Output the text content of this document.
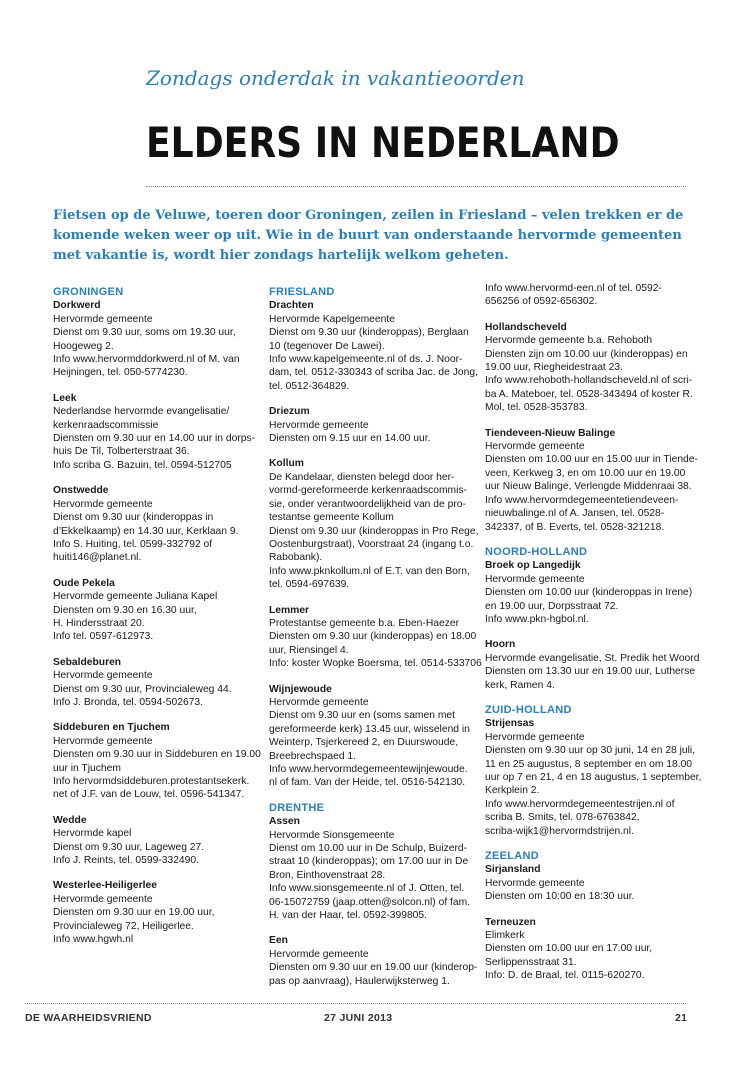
Zondags onderdak in vakantieoorden
ELDERS IN NEDERLAND
Fietsen op de Veluwe, toeren door Groningen, zeilen in Friesland – velen trekken er de komende weken weer op uit. Wie in de buurt van onderstaande hervormde gemeenten met vakantie is, wordt hier zondags hartelijk welkom geheten.
GRONINGEN
Dorkwerd
Hervormde gemeente
Dienst om 9.30 uur, soms om 19.30 uur,
Hoogeweg 2.
Info www.hervormddorkwerd.nl of M. van
Heijningen, tel. 050-5774230.
Leek
Nederlandse hervormde evangelisatie/
kerkenraadscommissie
Diensten om 9.30 uur en 14.00 uur in dorps-
huis De Til, Tolberterstraat 36.
Info scriba G. Bazuin, tel. 0594-512705
Onstwedde
Hervormde gemeente
Dienst om 9.30 uur (kinderoppas in
d’Ekkelkaamp) en 14.30 uur, Kerklaan 9.
Info S. Huiting, tel. 0599-332792 of
huiti146@planet.nl.
Oude Pekela
Hervormde gemeente Juliana Kapel
Diensten om 9.30 en 16.30 uur,
H. Hindersstraat 20.
Info tel. 0597-612973.
Sebaldeburen
Hervormde gemeente
Dienst om 9.30 uur, Provincialeweg 44.
Info J. Bronda, tel. 0594-502673.
Siddeburen en Tjuchem
Hervormde gemeente
Diensten om 9.30 uur in Siddeburen en 19.00
uur in Tjuchem
Info hervormdsiddeburen.protestantsekerk.
net of J.F. van de Louw, tel. 0596-541347.
Wedde
Hervormde kapel
Dienst om 9.30 uur, Lageweg 27.
Info J. Reints, tel. 0599-332490.
Westerlee-Heiligerlee
Hervormde gemeente
Diensten om 9.30 uur en 19.00 uur,
Provincialeweg 72, Heiligerlee.
Info www.hgwh.nl
FRIESLAND
Drachten
Hervormde Kapelgemeente
Dienst om 9.30 uur (kinderoppas), Berglaan
10 (tegenover De Lawei).
Info www.kapelgemeente.nl of ds. J. Noor-
dam, tel. 0512-330343 of scriba Jac. de Jong,
tel. 0512-364829.
Driezum
Hervormde gemeente
Diensten om 9.15 uur en 14.00 uur.
Kollum
De Kandelaar, diensten belegd door her-
vormd-gereformeerde kerkenraadscommis-
sie, onder verantwoordelijkheid van de pro-
testantse gemeente Kollum
Dienst om 9.30 uur (kinderoppas in Pro Rege,
Oostenburgstraat), Voorstraat 24 (ingang t.o.
Rabobank).
Info www.pknkollum.nl of E.T. van den Born,
tel. 0594-697639.
Lemmer
Protestantse gemeente b.a. Eben-Haezer
Diensten om 9.30 uur (kinderoppas) en 18.00
uur, Riensingel 4.
Info: koster Wopke Boersma, tel. 0514-533706
Wijnjewoude
Hervormde gemeente
Dienst om 9.30 uur en (soms samen met
gereformeerde kerk) 13.45 uur, wisselend in
Weinterp, Tsjerkereed 2, en Duurswoude,
Breebrechspaed 1.
Info www.hervormdegemeentewijnjewoude.
nl of fam. Van der Heide, tel. 0516-542130.
DRENTHE
Assen
Hervormde Sionsgemeente
Dienst om 10.00 uur in De Schulp, Buizerd-
straat 10 (kinderoppas); om 17.00 uur in De
Bron, Einthovenstraat 28.
Info www.sionsgemeente.nl of J. Otten, tel.
06-15072759 (jaap.otten@solcon.nl) of fam.
H. van der Haar, tel. 0592-399805.
Een
Hervormde gemeente
Diensten om 9.30 uur en 19.00 uur (kinderop-
pas op aanvraag), Haulerwijksterweg 1.
Info www.hervormd-een.nl of tel. 0592-
656256 of 0592-656302.
Hollandscheveld
Hervormde gemeente b.a. Rehoboth
Diensten zijn om 10.00 uur (kinderoppas) en
19.00 uur, Riegheidestraat 23.
Info www.rehoboth-hollandscheveld.nl of scri-
ba A. Mateboer, tel. 0528-343494 of koster R.
Mol, tel. 0528-353783.
Tiendeveen-Nieuw Balinge
Hervormde gemeente
Diensten om 10.00 uur en 15.00 uur in Tiende-
veen, Kerkweg 3, en om 10.00 uur en 19.00
uur Nieuw Balinge, Verlengde Middenraai 38.
Info www.hervormdegemeentetiendeveen-
nieuwbalinge.nl of A. Jansen, tel. 0528-
342337, of B. Everts, tel. 0528-321218.
NOORD-HOLLAND
Broek op Langedijk
Hervormde gemeente
Diensten om 10.00 uur (kinderoppas in Irene)
en 19.00 uur, Dorpsstraat 72.
Info www.pkn-hgbol.nl.
Hoorn
Hervormde evangelisatie, St. Predik het Woord
Diensten om 13.30 uur en 19.00 uur, Lutherse
kerk, Ramen 4.
ZUID-HOLLAND
Strijensas
Hervormde gemeente
Diensten om 9.30 uur op 30 juni, 14 en 28 juli,
11 en 25 augustus, 8 september en om 18.00
uur op 7 en 21, 4 en 18 augustus, 1 september,
Kerkplein 2.
Info www.hervormdegemeentestrijen.nl of
scriba B. Smits, tel. 078-6763842,
scriba-wijk1@hervormdstrijen.nl.
ZEELAND
Sirjansland
Hervormde gemeente
Diensten om 10:00 en 18:30 uur.
Terneuzen
Elimkerk
Diensten om 10.00 uur en 17.00 uur,
Serlippensstraat 31.
Info: D. de Braal, tel. 0115-620270.
DE WAARHEIDSVRIEND	27 JUNI 2013	21
